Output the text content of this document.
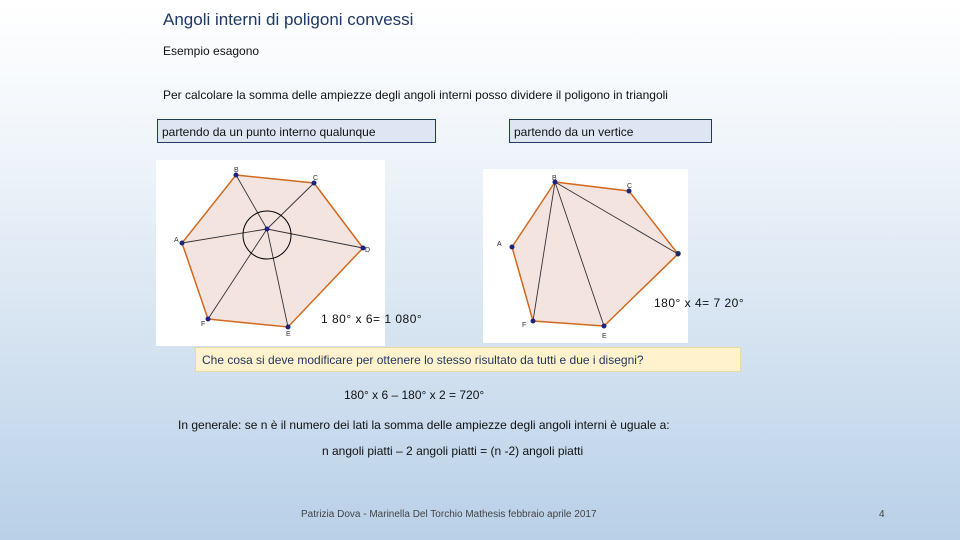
Angoli interni di poligoni convessi
Esempio esagono
Per calcolare la somma delle ampiezze degli angoli interni posso dividere il poligono in triangoli
partendo da un punto interno qualunque	partendo da un vertice
B
C
A
D
F
E
B
C
A
D
F
E
1 80° x 6= 1 080°
180° x 4= 7 20°
Che cosa si deve modificare per ottenere lo stesso risultato da tutti e due i disegni?
180° x 6 – 180° x 2 = 720°
In generale: se n è il numero dei lati la somma delle ampiezze degli angoli interni è uguale a:
n angoli piatti – 2 angoli piatti = (n -2) angoli piatti
Patrizia Dova - Marinella Del Torchio Mathesis febbraio aprile 2017	4
